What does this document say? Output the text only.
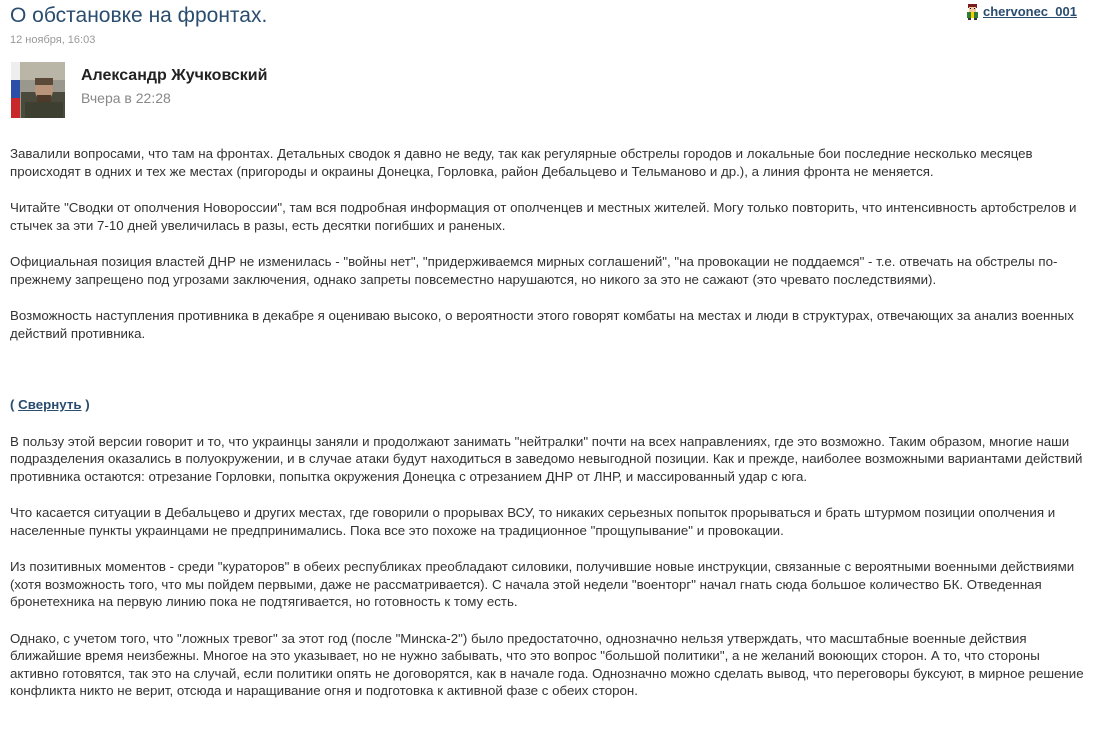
О обстановке на фронтах.
12 ноября, 16:03
chervonec_001
Александр Жучковский
Вчера в 22:28

Завалили вопросами, что там на фронтах. Детальных сводок я давно не веду, так как регулярные обстрелы городов и локальные бои последние несколько месяцев происходят в одних и тех же местах (пригороды и окраины Донецка, Горловка, район Дебальцево и Тельманово и др.), а линия фронта не меняется.

Читайте "Сводки от ополчения Новороссии", там вся подробная информация от ополченцев и местных жителей. Могу только повторить, что интенсивность артобстрелов и стычек за эти 7-10 дней увеличилась в разы, есть десятки погибших и раненых.

Официальная позиция властей ДНР не изменилась - "войны нет", "придерживаемся мирных соглашений", "на провокации не поддаемся" - т.е. отвечать на обстрелы по-прежнему запрещено под угрозами заключения, однако запреты повсеместно нарушаются, но никого за это не сажают (это чревато последствиями).

Возможность наступления противника в декабре я оцениваю высоко, о вероятности этого говорят комбаты на местах и люди в структурах, отвечающих за анализ военных действий противника.

( Свернуть )

В пользу этой версии говорит и то, что украинцы заняли и продолжают занимать "нейтралки" почти на всех направлениях, где это возможно. Таким образом, многие наши подразделения оказались в полуокружении, и в случае атаки будут находиться в заведомо невыгодной позиции. Как и прежде, наиболее возможными вариантами действий противника остаются: отрезание Горловки, попытка окружения Донецка с отрезанием ДНР от ЛНР, и массированный удар с юга.

Что касается ситуации в Дебальцево и других местах, где говорили о прорывах ВСУ, то никаких серьезных попыток прорываться и брать штурмом позиции ополчения и населенные пункты украинцами не предпринимались. Пока все это похоже на традиционное "прощупывание" и провокации.

Из позитивных моментов - среди "кураторов" в обеих республиках преобладают силовики, получившие новые инструкции, связанные с вероятными военными действиями (хотя возможность того, что мы пойдем первыми, даже не рассматривается). С начала этой недели "военторг" начал гнать сюда большое количество БК. Отведенная бронетехника на первую линию пока не подтягивается, но готовность к тому есть.

Однако, с учетом того, что "ложных тревог" за этот год (после "Минска-2") было предостаточно, однозначно нельзя утверждать, что масштабные военные действия ближайшие время неизбежны. Многое на это указывает, но не нужно забывать, что это вопрос "большой политики", а не желаний воюющих сторон. А то, что стороны активно готовятся, так это на случай, если политики опять не договорятся, как в начале года. Однозначно можно сделать вывод, что переговоры буксуют, в мирное решение конфликта никто не верит, отсюда и наращивание огня и подготовка к активной фазе с обеих сторон.
